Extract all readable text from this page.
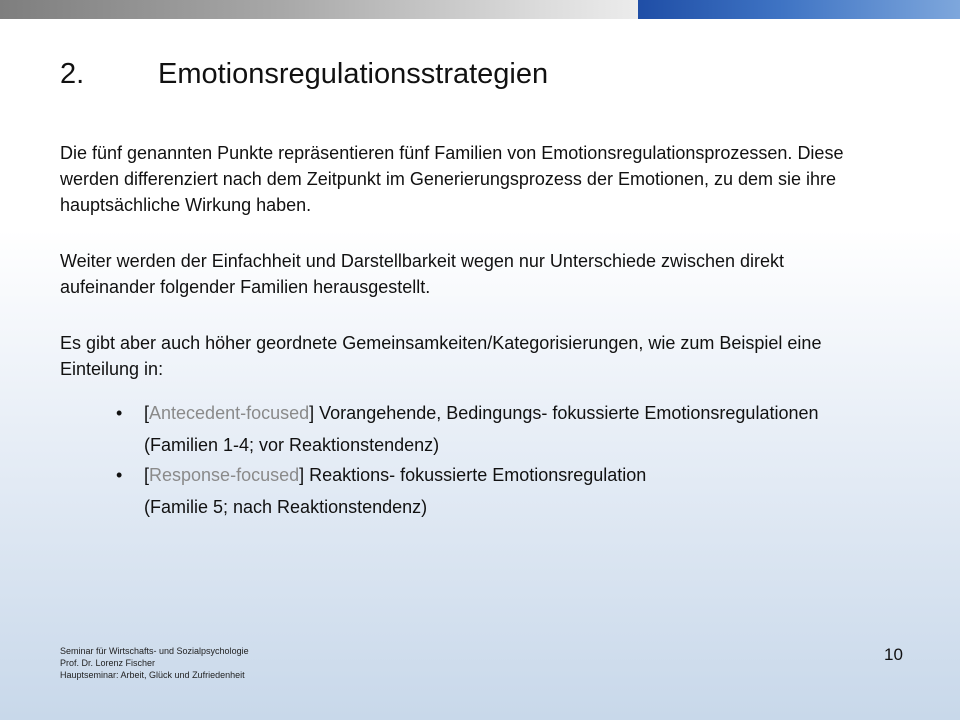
2.	Emotionsregulationsstrategien

Die fünf genannten Punkte repräsentieren fünf Familien von Emotionsregulationsprozessen. Diese werden differenziert nach dem Zeitpunkt im Generierungsprozess der Emotionen, zu dem sie ihre hauptsächliche Wirkung haben.

Weiter werden der Einfachheit und Darstellbarkeit wegen nur Unterschiede zwischen direkt aufeinander folgender Familien herausgestellt.

Es gibt aber auch höher geordnete Gemeinsamkeiten/Kategorisierungen, wie zum Beispiel eine Einteilung in:

• [Antecedent-focused] Vorangehende, Bedingungs- fokussierte Emotionsregulationen
(Familien 1-4; vor Reaktionstendenz)
• [Response-focused] Reaktions- fokussierte Emotionsregulation
(Familie 5; nach Reaktionstendenz)
Seminar für Wirtschafts- und Sozialpsychologie
Prof. Dr. Lorenz Fischer
Hauptseminar: Arbeit, Glück und Zufriedenheit
10
